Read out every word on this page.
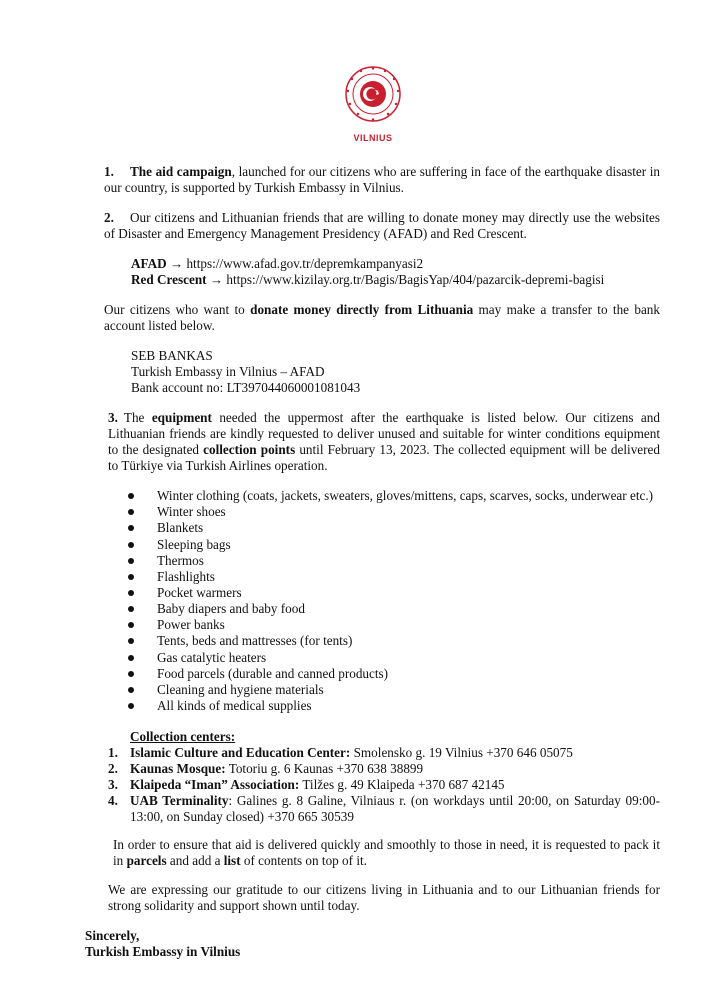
VILNIUS
1. The aid campaign, launched for our citizens who are suffering in face of the earthquake disaster in our country, is supported by Turkish Embassy in Vilnius.
2. Our citizens and Lithuanian friends that are willing to donate money may directly use the websites of Disaster and Emergency Management Presidency (AFAD) and Red Crescent.
AFAD → https://www.afad.gov.tr/depremkampanyasi2
Red Crescent → https://www.kizilay.org.tr/Bagis/BagisYap/404/pazarcik-depremi-bagisi
Our citizens who want to donate money directly from Lithuania may make a transfer to the bank account listed below.
SEB BANKAS
Turkish Embassy in Vilnius – AFAD
Bank account no: LT397044060001081043
3. The equipment needed the uppermost after the earthquake is listed below. Our citizens and Lithuanian friends are kindly requested to deliver unused and suitable for winter conditions equipment to the designated collection points until February 13, 2023. The collected equipment will be delivered to Türkiye via Turkish Airlines operation.
Winter clothing (coats, jackets, sweaters, gloves/mittens, caps, scarves, socks, underwear etc.)
Winter shoes
Blankets
Sleeping bags
Thermos
Flashlights
Pocket warmers
Baby diapers and baby food
Power banks
Tents, beds and mattresses (for tents)
Gas catalytic heaters
Food parcels (durable and canned products)
Cleaning and hygiene materials
All kinds of medical supplies
Collection centers:
1. Islamic Culture and Education Center: Smolensko g. 19 Vilnius +370 646 05075
2. Kaunas Mosque: Totoriu g. 6 Kaunas +370 638 38899
3. Klaipeda “Iman” Association: Tilžes g. 49 Klaipeda +370 687 42145
4. UAB Terminality: Galines g. 8 Galine, Vilniaus r. (on workdays until 20:00, on Saturday 09:00-13:00, on Sunday closed) +370 665 30539
In order to ensure that aid is delivered quickly and smoothly to those in need, it is requested to pack it in parcels and add a list of contents on top of it.
We are expressing our gratitude to our citizens living in Lithuania and to our Lithuanian friends for strong solidarity and support shown until today.
Sincerely,
Turkish Embassy in Vilnius
